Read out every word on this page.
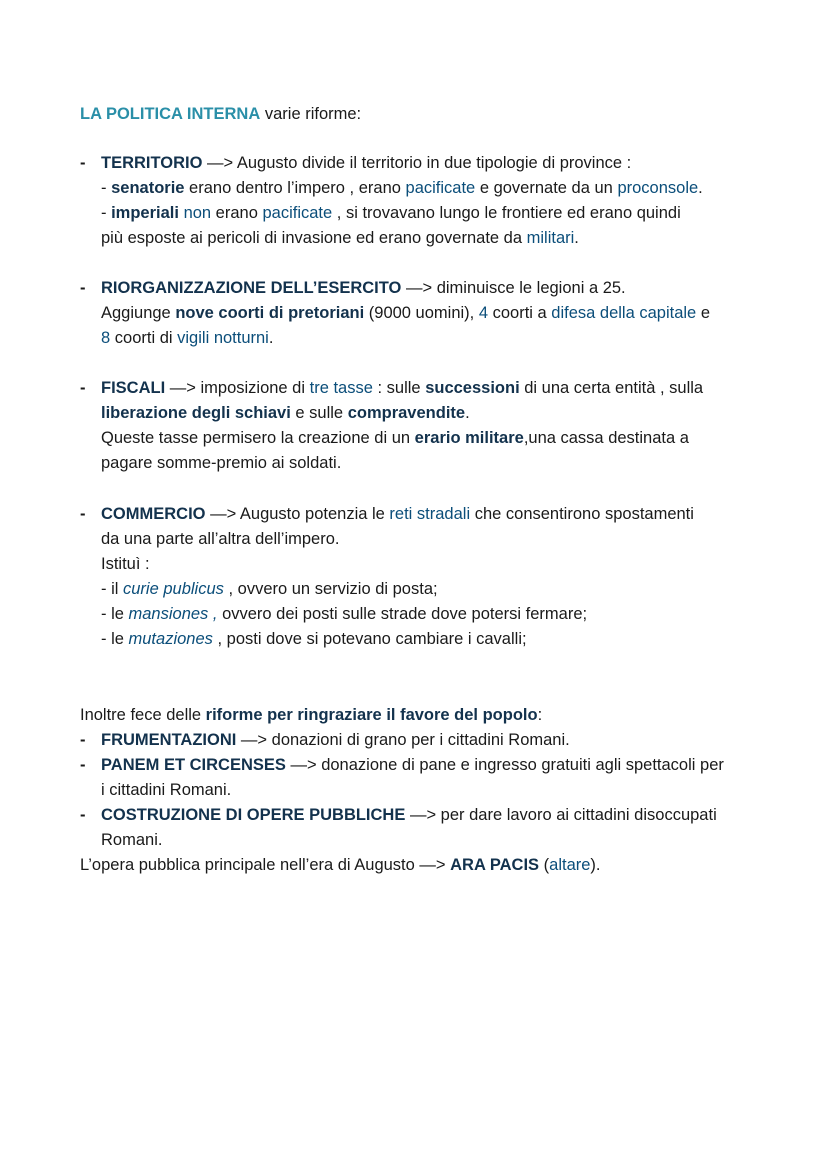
LA POLITICA INTERNA varie riforme:
- TERRITORIO —> Augusto divide il territorio in due tipologie di province :
- senatorie erano dentro l’impero , erano pacificate e governate da un proconsole.
- imperiali non erano pacificate , si trovavano lungo le frontiere ed erano quindi
più esposte ai pericoli di invasione ed erano governate da militari.
- RIORGANIZZAZIONE DELL’ESERCITO —> diminuisce le legioni a 25.
Aggiunge nove coorti di pretoriani (9000 uomini), 4 coorti a difesa della capitale e
8 coorti di vigili notturni.
- FISCALI —> imposizione di tre tasse : sulle successioni di una certa entità , sulla
liberazione degli schiavi e sulle compravendite.
Queste tasse permisero la creazione di un erario militare,una cassa destinata a
pagare somme-premio ai soldati.
- COMMERCIO —> Augusto potenzia le reti stradali che consentirono spostamenti
da una parte all’altra dell’impero.
Istituì :
- il curie publicus , ovvero un servizio di posta;
- le mansiones , ovvero dei posti sulle strade dove potersi fermare;
- le mutaziones , posti dove si potevano cambiare i cavalli;
Inoltre fece delle riforme per ringraziare il favore del popolo:
- FRUMENTAZIONI —> donazioni di grano per i cittadini Romani.
- PANEM ET CIRCENSES —> donazione di pane e ingresso gratuiti agli spettacoli per
i cittadini Romani.
- COSTRUZIONE DI OPERE PUBBLICHE —> per dare lavoro ai cittadini disoccupati
Romani.
L’opera pubblica principale nell’era di Augusto —> ARA PACIS (altare).
